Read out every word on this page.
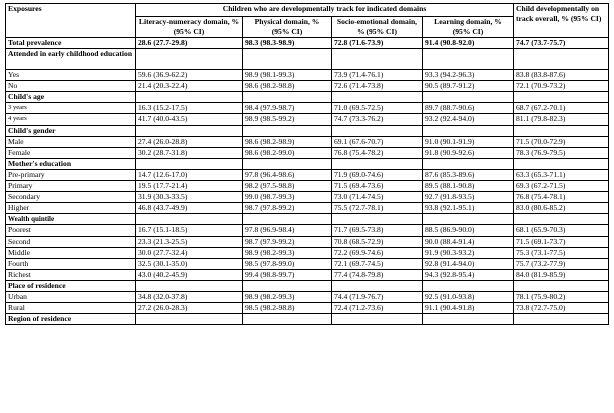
Exposures	Children who are developmentally track for indicated domains				Child developmentally on track overall, % (95% CI)
	Literacy-numeracy domain, % (95% CI)	Physical domain, % (95% CI)	Socio-emotional domain, % (95% CI)	Learning domain, % (95% CI)	
Total prevalence	28.6 (27.7-29.8)	98.3 (98.3-98.9)	72.8 (71.6-73.9)	91.4 (90.8-92.0)	74.7 (73.7-75.7)
Attended in early childhood education					
Yes	59.6 (36.9-62.2)	98.9 (98.1-99.3)	73.9 (71.4-76.1)	93.3 (94.2-96.3)	83.8 (83.8-87.6)
No	21.4 (20.3-22.4)	98.6 (98.2-98.8)	72.6 (71.4-73.8)	90.5 (89.7-91.2)	72.1 (70.9-73.2)
Child's age					
3 years	16.3 (15.2-17.5)	98.4 (97.9-98.7)	71.0 (69.5-72.5)	89.7 (88.7-90.6)	68.7 (67.2-70.1)
4 years	41.7 (40.0-43.5)	98.9 (98.5-99.2)	74.7 (73.3-76.2)	93.2 (92.4-94.0)	81.1 (79.8-82.3)
Child's gender					
Male	27.4 (26.0-28.8)	98.6 (98.2-98.9)	69.1 (67.6-70.7)	91.0 (90.1-91.9)	71.5 (70.0-72.9)
Female	30.2 (28.7-31.8)	98.6 (98.2-99.0)	76.8 (75.4-78.2)	91.8 (90.9-92.6)	78.3 (76.9-79.5)
Mother's education					
Pre-primary	14.7 (12.6-17.0)	97.8 (96.4-98.6)	71.9 (69.0-74.6)	87.6 (85.3-89.6)	63.3 (65.3-71.1)
Primary	19.5 (17.7-21.4)	98.2 (97.5-98.8)	71.5 (69.4-73.6)	89.5 (88.1-90.8)	69.3 (67.2-71.5)
Secondary	31.9 (30.3-33.5)	99.0 (98.7-99.3)	73.0 (71.4-74.5)	92.7 (91.8-93.5)	76.8 (75.4-78.1)
Higher	46.8 (43.7-49.9)	98.7 (97.8-99.2)	75.5 (72.7-78.1)	93.8 (92.1-95.1)	83.0 (80.6-85.2)
Wealth quintile					
Poorest	16.7 (15.1-18.5)	97.8 (96.9-98.4)	71.7 (69.5-73.8)	88.5 (86.9-90.0)	68.1 (65.9-70.3)
Second	23.3 (21.3-25.5)	98.7 (97.9-99.2)	70.8 (68.5-72.9)	90.0 (88.4-91.4)	71.5 (69.1-73.7)
Middle	30.0 (27.7-32.4)	98.9 (98.2-99.3)	72.2 (69.9-74.6)	91.9 (90.3-93.2)	75.3 (73.1-77.5)
Fourth	32.5 (30.1-35.0)	98.5 (97.8-99.0)	72.1 (69.7-74.5)	92.8 (91.4-94.0)	75.7 (73.2-77.9)
Richest	43.0 (40.2-45.9)	99.4 (98.8-99.7)	77.4 (74.8-79.8)	94.3 (92.8-95.4)	84.0 (81.9-85.9)
Place of residence					
Urban	34.8 (32.0-37.8)	98.9 (98.2-99.3)	74.4 (71.9-76.7)	92.5 (91.0-93.8)	78.1 (75.9-80.2)
Rural	27.2 (26.0-28.3)	98.5 (98.2-98.8)	72.4 (71.2-73.6)	91.1 (90.4-91.8)	73.8 (72.7-75.0)
Region of residence					
